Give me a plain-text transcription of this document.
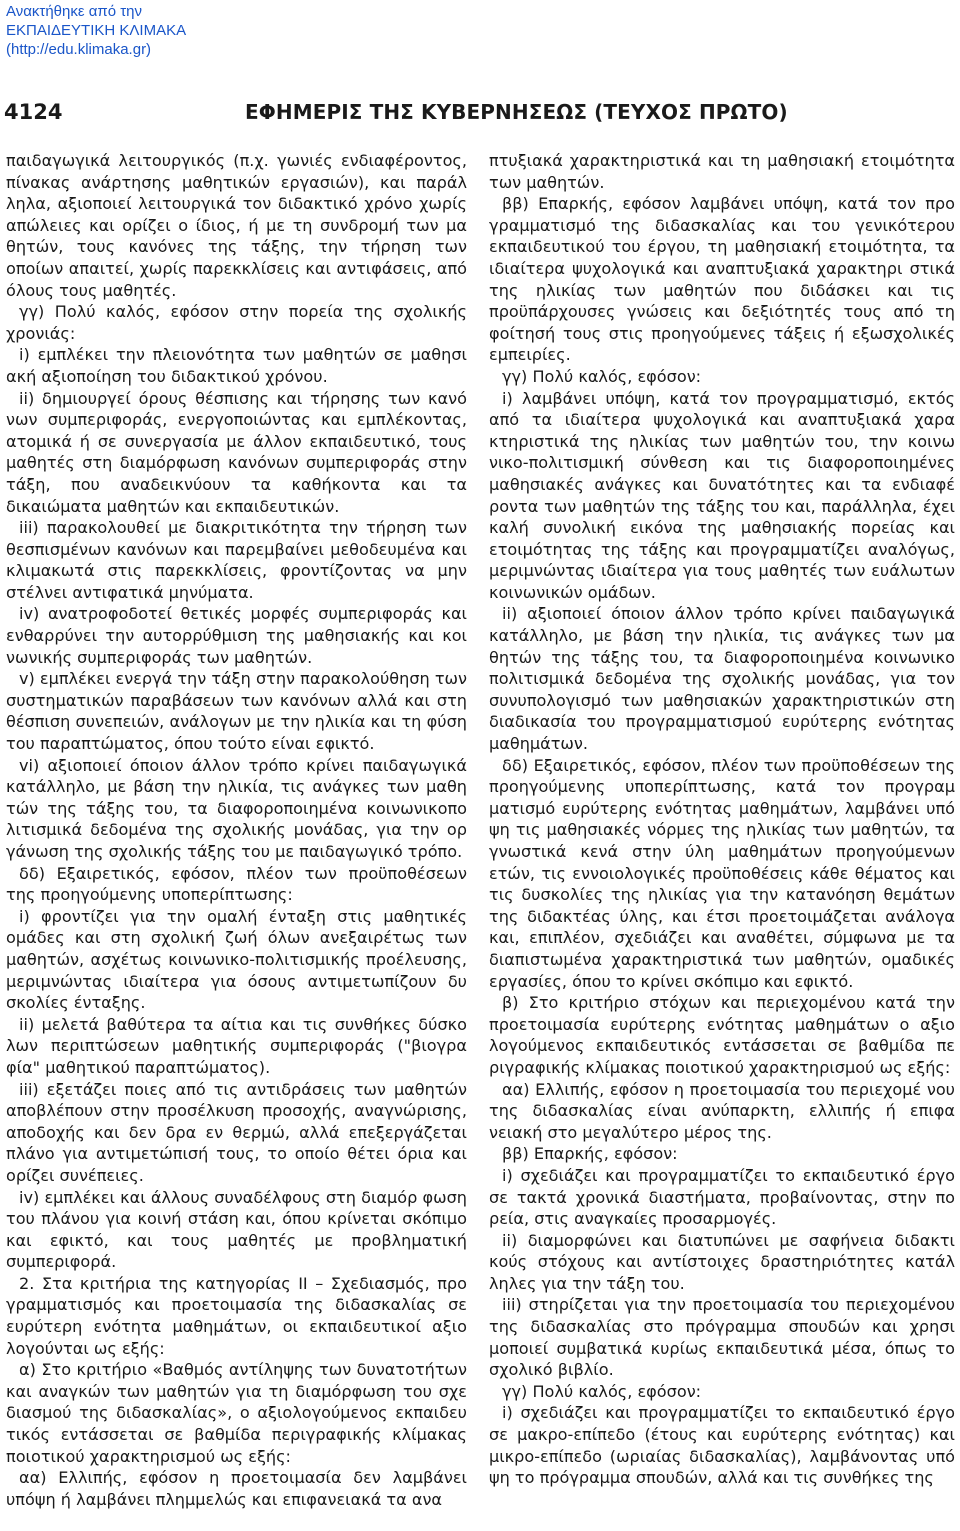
Ανακτήθηκε από την
ΕΚΠΑΙΔΕΥΤΙΚΗ ΚΛΙΜΑΚΑ
(http://edu.klimaka.gr)
4124	ΕΦΗΜΕΡΙΣ ΤΗΣ ΚΥΒΕΡΝΗΣΕΩΣ (ΤΕΥΧΟΣ ΠΡΩΤΟ)

παιδαγωγικά λειτουργικός (π.χ. γωνιές ενδιαφέροντος, πίνακας ανάρτησης μαθητικών εργασιών), και παράλ ληλα, αξιοποιεί λειτουργικά τον διδακτικό χρόνο χωρίς απώλειες και ορίζει ο ίδιος, ή με τη συνδρομή των μα θητών, τους κανόνες της τάξης, την τήρηση των οποίων απαιτεί, χωρίς παρεκκλίσεις και αντιφάσεις, από όλους τους μαθητές.

γγ) Πολύ καλός, εφόσον στην πορεία της σχολικής χρονιάς:

i) εμπλέκει την πλειονότητα των μαθητών σε μαθησι ακή αξιοποίηση του διδακτικού χρόνου.

ii) δημιουργεί όρους θέσπισης και τήρησης των κανό νων συμπεριφοράς, ενεργοποιώντας και εμπλέκοντας, ατομικά ή σε συνεργασία με άλλον εκπαιδευτικό, τους μαθητές στη διαμόρφωση κανόνων συμπεριφοράς στην τάξη, που αναδεικνύουν τα καθήκοντα και τα δικαιώματα μαθητών και εκπαιδευτικών.

iii) παρακολουθεί με διακριτικότητα την τήρηση των θεσπισμένων κανόνων και παρεμβαίνει μεθοδευμένα και κλιμακωτά στις παρεκκλίσεις, φροντίζοντας να μην στέλνει αντιφατικά μηνύματα.

iv) ανατροφοδοτεί θετικές μορφές συμπεριφοράς και ενθαρρύνει την αυτορρύθμιση της μαθησιακής και κοι νωνικής συμπεριφοράς των μαθητών.

v) εμπλέκει ενεργά την τάξη στην παρακολούθηση των συστηματικών παραβάσεων των κανόνων αλλά και στη θέσπιση συνεπειών, ανάλογων με την ηλικία και τη φύση του παραπτώματος, όπου τούτο είναι εφικτό.

vi) αξιοποιεί όποιον άλλον τρόπο κρίνει παιδαγωγικά κατάλληλο, με βάση την ηλικία, τις ανάγκες των μαθη τών της τάξης του, τα διαφοροποιημένα κοινωνικοπο λιτισμικά δεδομένα της σχολικής μονάδας, για την ορ γάνωση της σχολικής τάξης του με παιδαγωγικό τρόπο.

δδ) Εξαιρετικός, εφόσον, πλέον των προϋποθέσεων της προηγούμενης υποπερίπτωσης:

i) φροντίζει για την ομαλή ένταξη στις μαθητικές ομάδες και στη σχολική ζωή όλων ανεξαιρέτως των μαθητών, ασχέτως κοινωνικο-πολιτισμικής προέλευσης, μεριμνώντας ιδιαίτερα για όσους αντιμετωπίζουν δυ σκολίες ένταξης.

ii) μελετά βαθύτερα τα αίτια και τις συνθήκες δύσκο λων περιπτώσεων μαθητικής συμπεριφοράς ("βιογρα φία" μαθητικού παραπτώματος).

iii) εξετάζει ποιες από τις αντιδράσεις των μαθητών αποβλέπουν στην προσέλκυση προσοχής, αναγνώρισης, αποδοχής και δεν δρα εν θερμώ, αλλά επεξεργάζεται πλάνο για αντιμετώπισή τους, το οποίο θέτει όρια και ορίζει συνέπειες.

iv) εμπλέκει και άλλους συναδέλφους στη διαμόρ φωση του πλάνου για κοινή στάση και, όπου κρίνεται σκόπιμο και εφικτό, και τους μαθητές με προβληματική συμπεριφορά.

2. Στα κριτήρια της κατηγορίας ΙΙ – Σχεδιασμός, προ γραμματισμός και προετοιμασία της διδασκαλίας σε ευρύτερη ενότητα μαθημάτων, οι εκπαιδευτικοί αξιο λογούνται ως εξής:

α) Στο κριτήριο «Βαθμός αντίληψης των δυνατοτήτων και αναγκών των μαθητών για τη διαμόρφωση του σχε διασμού της διδασκαλίας», ο αξιολογούμενος εκπαιδευ τικός εντάσσεται σε βαθμίδα περιγραφικής κλίμακας ποιοτικού χαρακτηρισμού ως εξής:

αα) Ελλιπής, εφόσον η προετοιμασία δεν λαμβάνει υπόψη ή λαμβάνει πλημμελώς και επιφανειακά τα ανα

πτυξιακά χαρακτηριστικά και τη μαθησιακή ετοιμότητα των μαθητών.

ββ) Επαρκής, εφόσον λαμβάνει υπόψη, κατά τον προ γραμματισμό της διδασκαλίας και του γενικότερου εκπαιδευτικού του έργου, τη μαθησιακή ετοιμότητα, τα ιδιαίτερα ψυχολογικά και αναπτυξιακά χαρακτηρι στικά της ηλικίας των μαθητών που διδάσκει και τις προϋπάρχουσες γνώσεις και δεξιότητές τους από τη φοίτησή τους στις προηγούμενες τάξεις ή εξωσχολικές εμπειρίες.

γγ) Πολύ καλός, εφόσον:

i) λαμβάνει υπόψη, κατά τον προγραμματισμό, εκτός από τα ιδιαίτερα ψυχολογικά και αναπτυξιακά χαρα κτηριστικά της ηλικίας των μαθητών του, την κοινω νικο-πολιτισμική σύνθεση και τις διαφοροποιημένες μαθησιακές ανάγκες και δυνατότητες και τα ενδιαφέ ροντα των μαθητών της τάξης του και, παράλληλα, έχει καλή συνολική εικόνα της μαθησιακής πορείας και ετοιμότητας της τάξης και προγραμματίζει αναλόγως, μεριμνώντας ιδιαίτερα για τους μαθητές των ευάλωτων κοινωνικών ομάδων.

ii) αξιοποιεί όποιον άλλον τρόπο κρίνει παιδαγωγικά κατάλληλο, με βάση την ηλικία, τις ανάγκες των μα θητών της τάξης του, τα διαφοροποιημένα κοινωνικο πολιτισμικά δεδομένα της σχολικής μονάδας, για τον συνυπολογισμό των μαθησιακών χαρακτηριστικών στη διαδικασία του προγραμματισμού ευρύτερης ενότητας μαθημάτων.

δδ) Εξαιρετικός, εφόσον, πλέον των προϋποθέσεων της προηγούμενης υποπερίπτωσης, κατά τον προγραμ ματισμό ευρύτερης ενότητας μαθημάτων, λαμβάνει υπό ψη τις μαθησιακές νόρμες της ηλικίας των μαθητών, τα γνωστικά κενά στην ύλη μαθημάτων προηγούμενων ετών, τις εννοιολογικές προϋποθέσεις κάθε θέματος και τις δυσκολίες της ηλικίας για την κατανόηση θεμάτων της διδακτέας ύλης, και έτσι προετοιμάζεται ανάλογα και, επιπλέον, σχεδιάζει και αναθέτει, σύμφωνα με τα διαπιστωμένα χαρακτηριστικά των μαθητών, ομαδικές εργασίες, όπου το κρίνει σκόπιμο και εφικτό.

β) Στο κριτήριο στόχων και περιεχομένου κατά την προετοιμασία ευρύτερης ενότητας μαθημάτων ο αξιο λογούμενος εκπαιδευτικός εντάσσεται σε βαθμίδα πε ριγραφικής κλίμακας ποιοτικού χαρακτηρισμού ως εξής:

αα) Ελλιπής, εφόσον η προετοιμασία του περιεχομέ νου της διδασκαλίας είναι ανύπαρκτη, ελλιπής ή επιφα νειακή στο μεγαλύτερο μέρος της.

ββ) Επαρκής, εφόσον:

i) σχεδιάζει και προγραμματίζει το εκπαιδευτικό έργο σε τακτά χρονικά διαστήματα, προβαίνοντας, στην πο ρεία, στις αναγκαίες προσαρμογές.

ii) διαμορφώνει και διατυπώνει με σαφήνεια διδακτι κούς στόχους και αντίστοιχες δραστηριότητες κατάλ ληλες για την τάξη του.

iii) στηρίζεται για την προετοιμασία του περιεχομένου της διδασκαλίας στο πρόγραμμα σπουδών και χρησι μοποιεί συμβατικά κυρίως εκπαιδευτικά μέσα, όπως το σχολικό βιβλίο.

γγ) Πολύ καλός, εφόσον:

i) σχεδιάζει και προγραμματίζει το εκπαιδευτικό έργο σε μακρο-επίπεδο (έτους και ευρύτερης ενότητας) και μικρο-επίπεδο (ωριαίας διδασκαλίας), λαμβάνοντας υπό ψη το πρόγραμμα σπουδών, αλλά και τις συνθήκες της
